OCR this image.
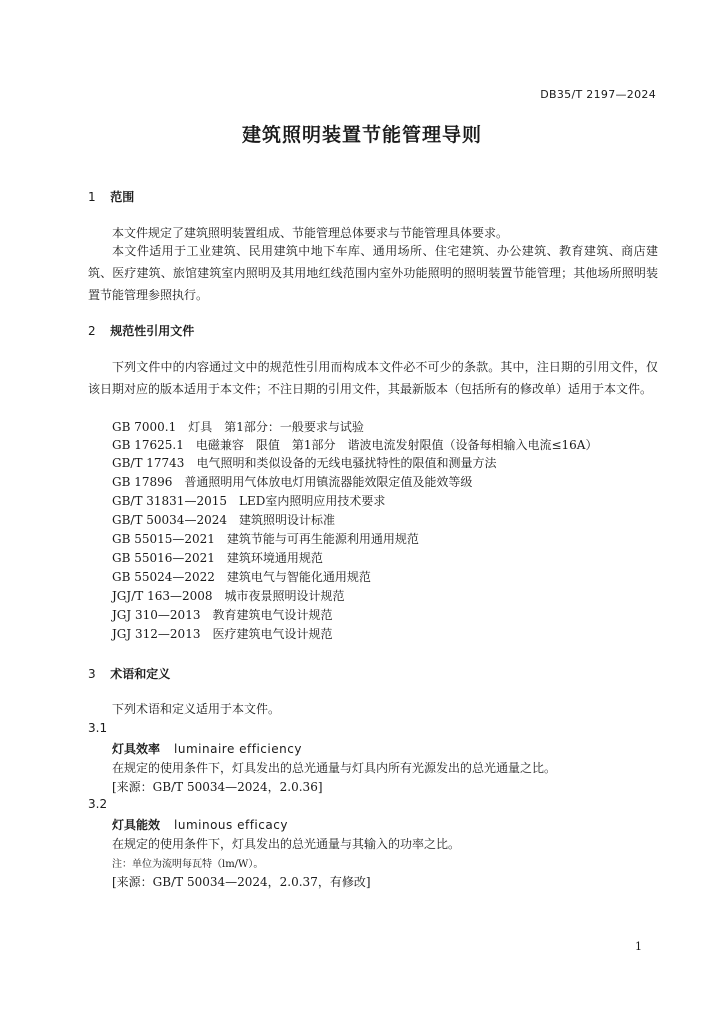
DB35/T 2197—2024
建筑照明装置节能管理导则
1 范围
本文件规定了建筑照明装置组成、节能管理总体要求与节能管理具体要求。
本文件适用于工业建筑、民用建筑中地下车库、通用场所、住宅建筑、办公建筑、教育建筑、商店建筑、医疗建筑、旅馆建筑室内照明及其用地红线范围内室外功能照明的照明装置节能管理；其他场所照明装置节能管理参照执行。
2 规范性引用文件
下列文件中的内容通过文中的规范性引用而构成本文件必不可少的条款。其中，注日期的引用文件，仅该日期对应的版本适用于本文件；不注日期的引用文件，其最新版本（包括所有的修改单）适用于本文件。
GB 7000.1　灯具　第1部分：一般要求与试验
GB 17625.1　电磁兼容　限值　第1部分　谐波电流发射限值（设备每相输入电流≤16A）
GB/T 17743　电气照明和类似设备的无线电骚扰特性的限值和测量方法
GB 17896　普通照明用气体放电灯用镇流器能效限定值及能效等级
GB/T 31831—2015　LED室内照明应用技术要求
GB/T 50034—2024　建筑照明设计标准
GB 55015—2021　建筑节能与可再生能源利用通用规范
GB 55016—2021　建筑环境通用规范
GB 55024—2022　建筑电气与智能化通用规范
JGJ/T 163—2008　城市夜景照明设计规范
JGJ 310—2013　教育建筑电气设计规范
JGJ 312—2013　医疗建筑电气设计规范
3 术语和定义
下列术语和定义适用于本文件。
3.1
灯具效率 luminaire efficiency
在规定的使用条件下，灯具发出的总光通量与灯具内所有光源发出的总光通量之比。
[来源：GB/T 50034—2024，2.0.36]
3.2
灯具能效 luminous efficacy
在规定的使用条件下，灯具发出的总光通量与其输入的功率之比。
注：单位为流明每瓦特（lm/W）。
[来源：GB/T 50034—2024，2.0.37，有修改]
1
